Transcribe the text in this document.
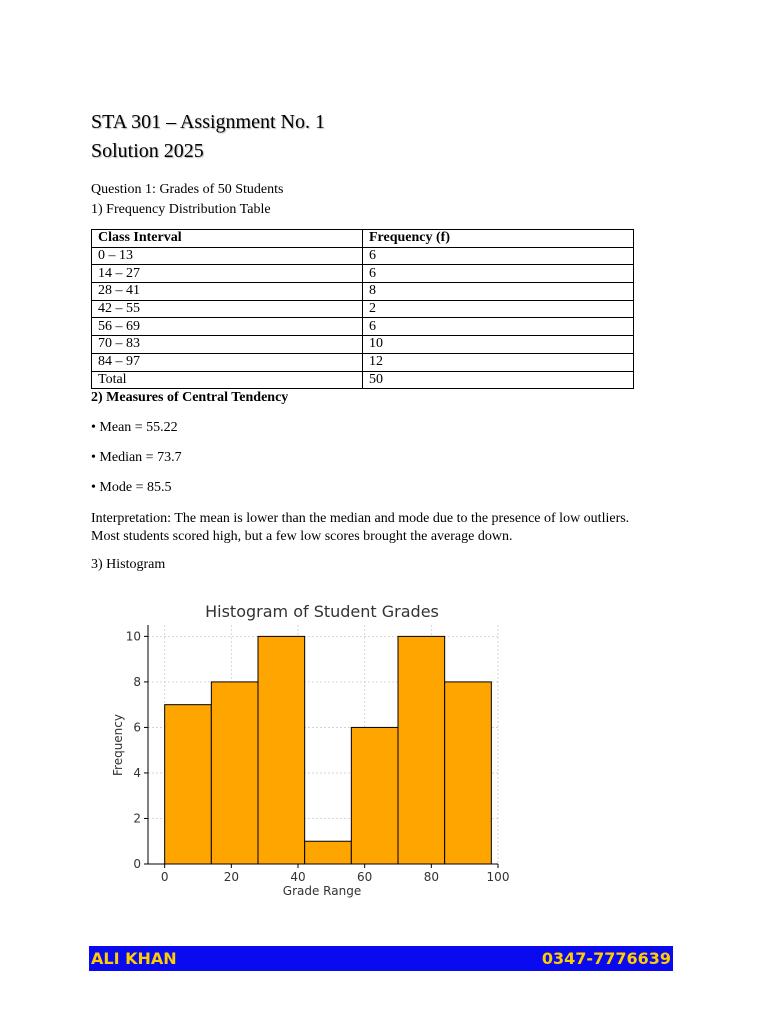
STA 301 – Assignment No. 1
Solution 2025
Question 1: Grades of 50 Students
1) Frequency Distribution Table
Class Interval	Frequency (f)
0 – 13	6
14 – 27	6
28 – 41	8
42 – 55	2
56 – 69	6
70 – 83	10
84 – 97	12
Total	50
2) Measures of Central Tendency
• Mean = 55.22
• Median = 73.7
• Mode = 85.5
Interpretation: The mean is lower than the median and mode due to the presence of low outliers. Most students scored high, but a few low scores brought the average down.
3) Histogram
Histogram of Student Grades
Grade Range
Frequency
0
2
4
6
8
10
0	20	40	60	80	100
ALI KHAN	0347-7776639
